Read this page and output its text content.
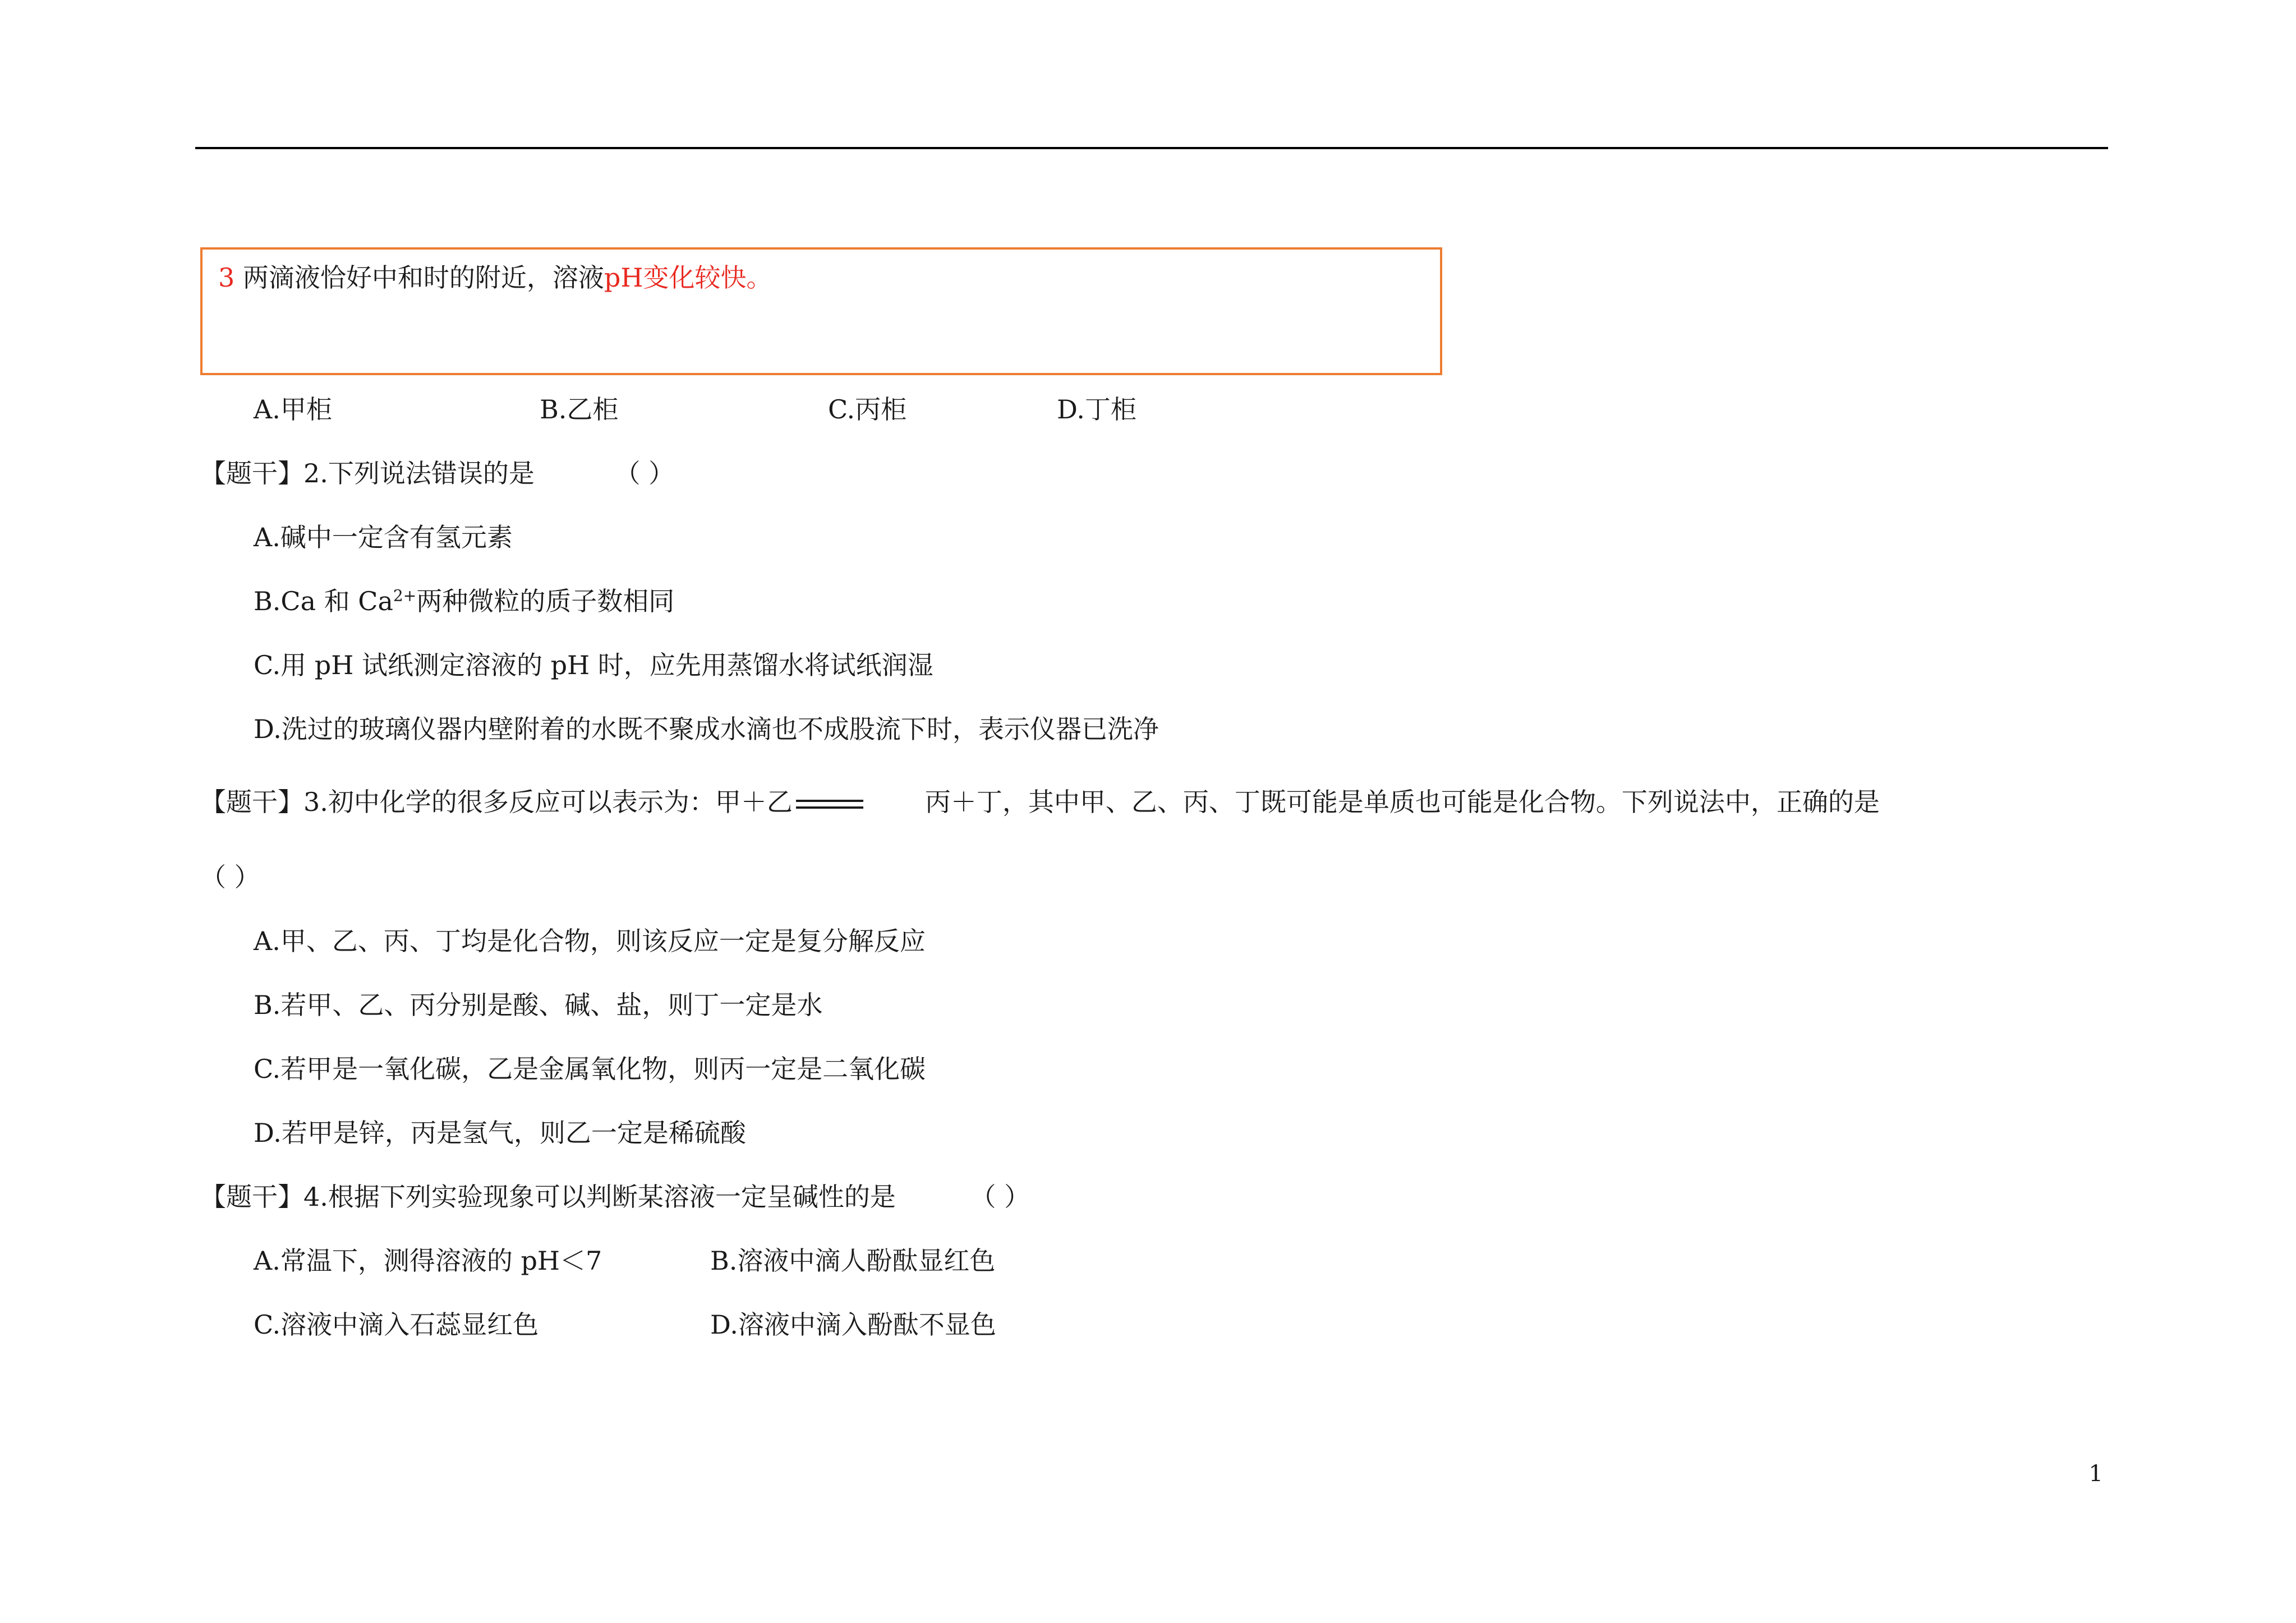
3 两滴液恰好中和时的附近，溶液pH变化较快。
A.甲柜	B.乙柜	C.丙柜	D.丁柜
【题干】2.下列说法错误的是	（ ）
A.碱中一定含有氢元素
B.Ca 和 $Ca^{2+}$两种微粒的质子数相同
C.用 pH 试纸测定溶液的 pH 时，应先用蒸馏水将试纸润湿
D.洗过的玻璃仪器内壁附着的水既不聚成水滴也不成股流下时，表示仪器已洗净
【题干】3.初中化学的很多反应可以表示为：甲＋乙	丙＋丁，其中甲、乙、丙、丁既可能是单质也可能是化合物。下列说法中，正确的是
（ ）
A.甲、乙、丙、丁均是化合物，则该反应一定是复分解反应
B.若甲、乙、丙分别是酸、碱、盐，则丁一定是水
C.若甲是一氧化碳，乙是金属氧化物，则丙一定是二氧化碳
D.若甲是锌，丙是氢气，则乙一定是稀硫酸
【题干】4.根据下列实验现象可以判断某溶液一定呈碱性的是	（ ）
A.常温下，测得溶液的 pH＜7	B.溶液中滴人酚酞显红色
C.溶液中滴入石蕊显红色	D.溶液中滴入酚酞不显色
1
